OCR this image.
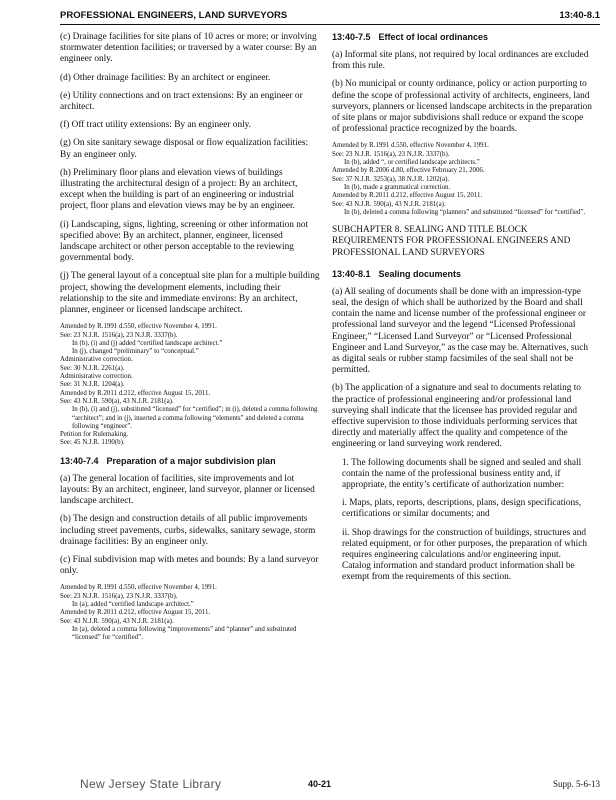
PROFESSIONAL ENGINEERS, LAND SURVEYORS	13:40-8.1

(c) Drainage facilities for site plans of 10 acres or more; or involving stormwater detention facilities; or traversed by a water course: By an engineer only.

(d) Other drainage facilities: By an architect or engineer.

(e) Utility connections and on tract extensions: By an engineer or architect.

(f) Off tract utility extensions: By an engineer only.

(g) On site sanitary sewage disposal or flow equalization facilities: By an engineer only.

(h) Preliminary floor plans and elevation views of buildings illustrating the architectural design of a project: By an architect, except when the building is part of an engineering or industrial project, floor plans and elevation views may be by an engineer.

(i) Landscaping, signs, lighting, screening or other information not specified above: By an architect, planner, engineer, licensed landscape architect or other person acceptable to the reviewing governmental body.

(j) The general layout of a conceptual site plan for a multiple building project, showing the development elements, including their relationship to the site and immediate environs: By an architect, planner, engineer or licensed landscape architect.

Amended by R.1991 d.550, effective November 4, 1991.

See: 23 N.J.R. 1516(a), 23 N.J.R. 3337(b).

In (b), (i) and (j) added “certified landscape architect.”

In (j), changed “preliminary” to “conceptual.”

Administrative correction.

See: 30 N.J.R. 2261(a).

Administrative correction.

See: 31 N.J.R. 1204(a).

Amended by R.2011 d.212, effective August 15, 2011.

See: 43 N.J.R. 590(a), 43 N.J.R. 2181(a).

In (b), (i) and (j), substituted “licensed” for “certified”; in (i), deleted a comma following “architect”; and in (j), inserted a comma following “elements” and deleted a comma following “engineer”.

Petition for Rulemaking.

See: 45 N.J.R. 1190(b).

13:40-7.4 Preparation of a major subdivision plan

(a) The general location of facilities, site improvements and lot layouts: By an architect, engineer, land surveyor, planner or licensed landscape architect.

(b) The design and construction details of all public improvements including street pavements, curbs, sidewalks, sanitary sewage, storm drainage facilities: By an engineer only.

(c) Final subdivision map with metes and bounds: By a land surveyor only.

Amended by R.1991 d.550, effective November 4, 1991.

See: 23 N.J.R. 1516(a), 23 N.J.R. 3337(b).

In (a), added “certified landscape architect.”

Amended by R.2011 d.212, effective August 15, 2011.

See: 43 N.J.R. 590(a), 43 N.J.R. 2181(a).

In (a), deleted a comma following “improvements” and “planner” and substituted “licensed” for “certified”.

13:40-7.5 Effect of local ordinances

(a) Informal site plans, not required by local ordinances are excluded from this rule.

(b) No municipal or county ordinance, policy or action purporting to define the scope of professional activity of architects, engineers, land surveyors, planners or licensed landscape architects in the preparation of site plans or major subdivisions shall reduce or expand the scope of professional practice recognized by the boards.

Amended by R.1991 d.550, effective November 4, 1991.

See: 23 N.J.R. 1516(a), 23 N.J.R. 3337(b).

In (b), added “, or certified landscape architects.”

Amended by R.2006 d.80, effective February 21, 2006.

See: 37 N.J.R. 3253(a), 38 N.J.R. 1202(a).

In (b), made a grammatical correction.

Amended by R.2011 d.212, effective August 15, 2011.

See: 43 N.J.R. 590(a), 43 N.J.R. 2181(a).

In (b), deleted a comma following “planners” and substituted “licensed” for “certified”.

SUBCHAPTER 8. SEALING AND TITLE BLOCK REQUIREMENTS FOR PROFESSIONAL ENGINEERS AND PROFESSIONAL LAND SURVEYORS
13:40-8.1 Sealing documents

(a) All sealing of documents shall be done with an impression-type seal, the design of which shall be authorized by the Board and shall contain the name and license number of the professional engineer or professional land surveyor and the legend “Licensed Professional Engineer,” “Licensed Land Surveyor” or “Licensed Professional Engineer and Land Surveyor,” as the case may be. Alternatives, such as digital seals or rubber stamp facsimiles of the seal shall not be permitted.

(b) The application of a signature and seal to documents relating to the practice of professional engineering and/or professional land surveying shall indicate that the licensee has provided regular and effective supervision to those individuals performing services that directly and materially affect the quality and competence of the engineering or land surveying work rendered.

1. The following documents shall be signed and sealed and shall contain the name of the professional business entity and, if appropriate, the entity’s certificate of authorization number:

i. Maps, plats, reports, descriptions, plans, design specifications, certifications or similar documents; and

ii. Shop drawings for the construction of buildings, structures and related equipment, or for other purposes, the preparation of which requires engineering calculations and/or engineering input. Catalog information and standard product information shall be exempt from the requirements of this section.

New Jersey State Library	40-21	Supp. 5-6-13
